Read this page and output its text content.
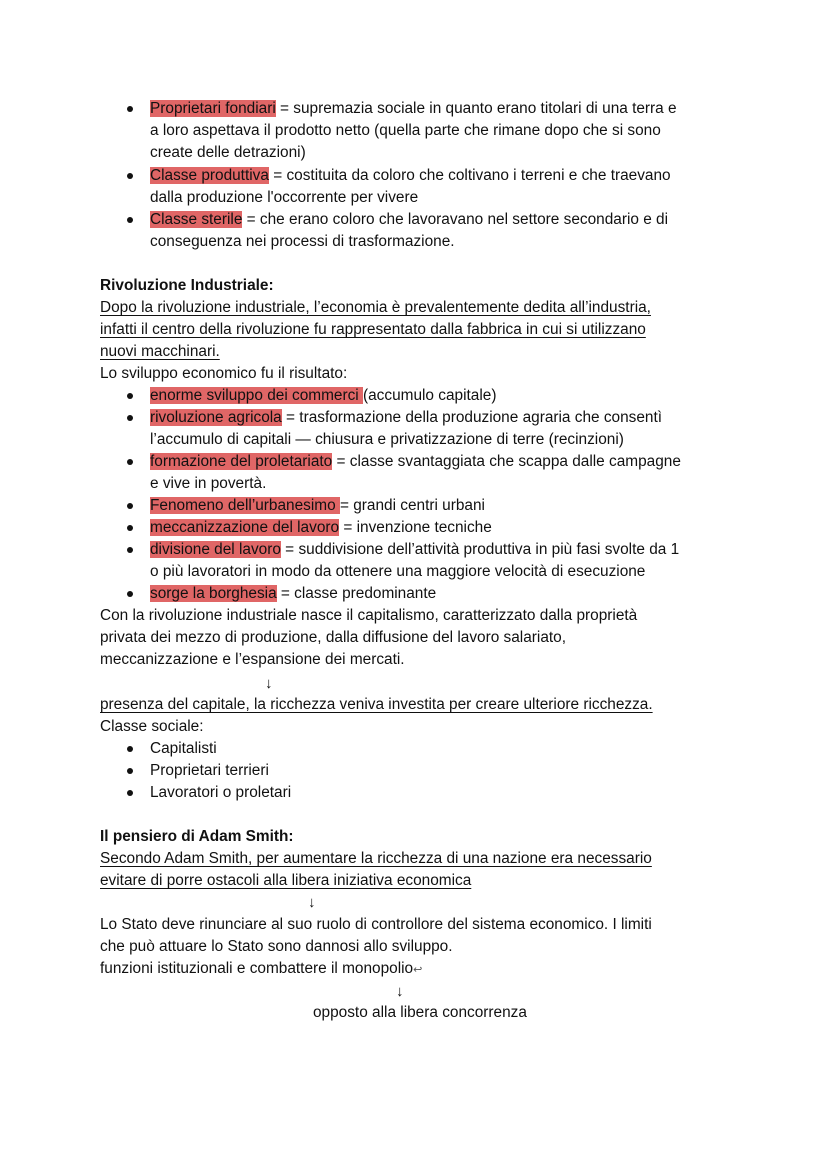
Proprietari fondiari = supremazia sociale in quanto erano titolari di una terra e
a loro aspettava il prodotto netto (quella parte che rimane dopo che si sono
create delle detrazioni)
Classe produttiva = costituita da coloro che coltivano i terreni e che traevano
dalla produzione l'occorrente per vivere
Classe sterile = che erano coloro che lavoravano nel settore secondario e di
conseguenza nei processi di trasformazione.
Rivoluzione Industriale:
Dopo la rivoluzione industriale, l’economia è prevalentemente dedita all’industria,
infatti il centro della rivoluzione fu rappresentato dalla fabbrica in cui si utilizzano
nuovi macchinari.
Lo sviluppo economico fu il risultato:
enorme sviluppo dei commerci (accumulo capitale)
rivoluzione agricola = trasformazione della produzione agraria che consentì
l’accumulo di capitali — chiusura e privatizzazione di terre (recinzioni)
formazione del proletariato = classe svantaggiata che scappa dalle campagne
e vive in povertà.
Fenomeno dell’urbanesimo = grandi centri urbani
meccanizzazione del lavoro = invenzione tecniche
divisione del lavoro = suddivisione dell’attività produttiva in più fasi svolte da 1
o più lavoratori in modo da ottenere una maggiore velocità di esecuzione
sorge la borghesia = classe predominante
Con la rivoluzione industriale nasce il capitalismo, caratterizzato dalla proprietà
privata dei mezzo di produzione, dalla diffusione del lavoro salariato,
meccanizzazione e l’espansione dei mercati.
↓
presenza del capitale, la ricchezza veniva investita per creare ulteriore ricchezza.
Classe sociale:
Capitalisti
Proprietari terrieri
Lavoratori o proletari
Il pensiero di Adam Smith:
Secondo Adam Smith, per aumentare la ricchezza di una nazione era necessario
evitare di porre ostacoli alla libera iniziativa economica
↓
Lo Stato deve rinunciare al suo ruolo di controllore del sistema economico. I limiti
che può attuare lo Stato sono dannosi allo sviluppo.
funzioni istituzionali e combattere il monopolio↩
↓
opposto alla libera concorrenza
